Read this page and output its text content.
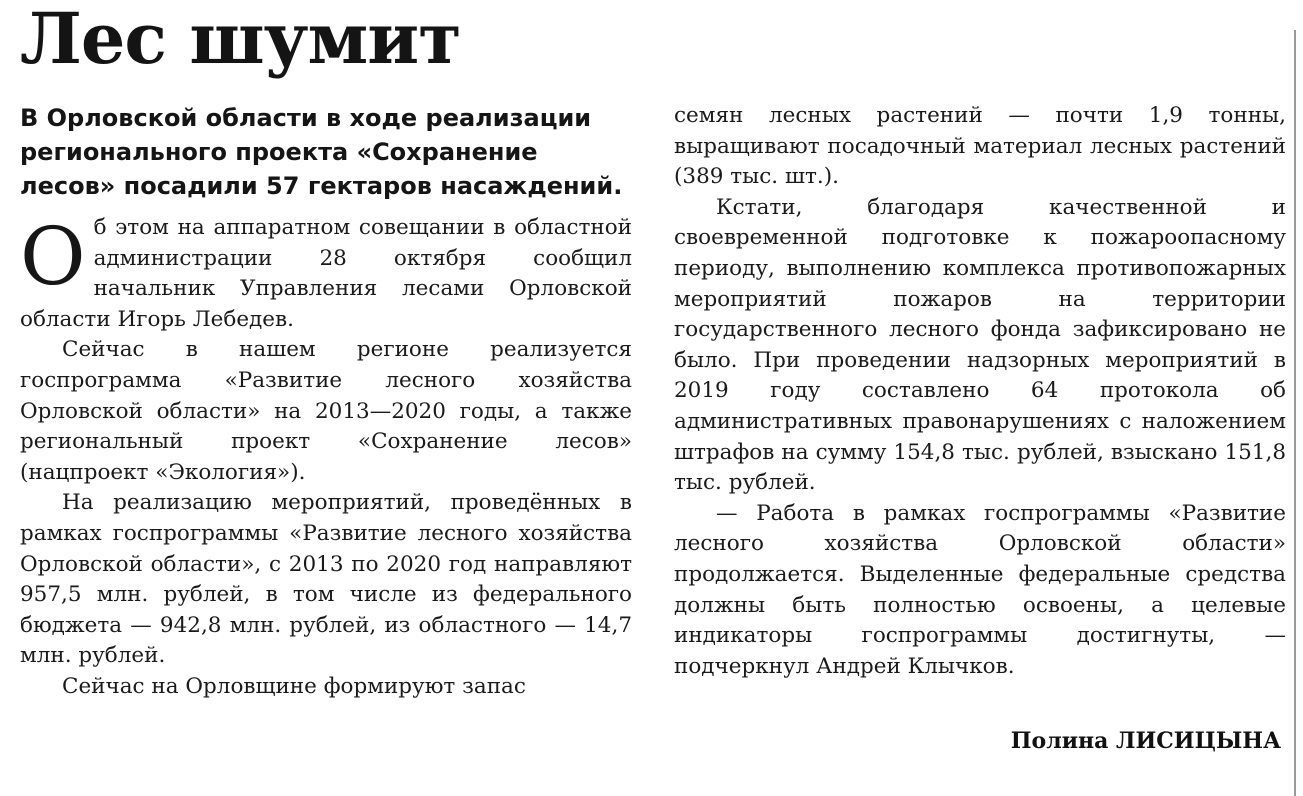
Лес шумит

В Орловской области в ходе реализации регионального проекта «Сохранение лесов» посадили 57 гектаров насаждений.

Об этом на аппаратном совещании в областной администрации 28 октября сообщил начальник Управления лесами Орловской области Игорь Лебедев.

Сейчас в нашем регионе реализуется госпрограмма «Развитие лесного хозяйства Орловской области» на 2013—2020 годы, а также региональный проект «Сохранение лесов» (нацпроект «Экология»).

На реализацию мероприятий, проведённых в рамках госпрограммы «Развитие лесного хозяйства Орловской области», с 2013 по 2020 год направляют 957,5 млн. рублей, в том числе из федерального бюджета — 942,8 млн. рублей, из областного — 14,7 млн. рублей.

Сейчас на Орловщине формируют запас

семян лесных растений — почти 1,9 тонны, выращивают посадочный материал лесных растений (389 тыс. шт.).

Кстати, благодаря качественной и своевременной подготовке к пожароопасному периоду, выполнению комплекса противопожарных мероприятий пожаров на территории государственного лесного фонда зафиксировано не было. При проведении надзорных мероприятий в 2019 году составлено 64 протокола об административных правонарушениях с наложением штрафов на сумму 154,8 тыс. рублей, взыскано 151,8 тыс. рублей.

— Работа в рамках госпрограммы «Развитие лесного хозяйства Орловской области» продолжается. Выделенные федеральные средства должны быть полностью освоены, а целевые индикаторы госпрограммы достигнуты, — подчеркнул Андрей Клычков.

Полина ЛИСИЦЫНА
